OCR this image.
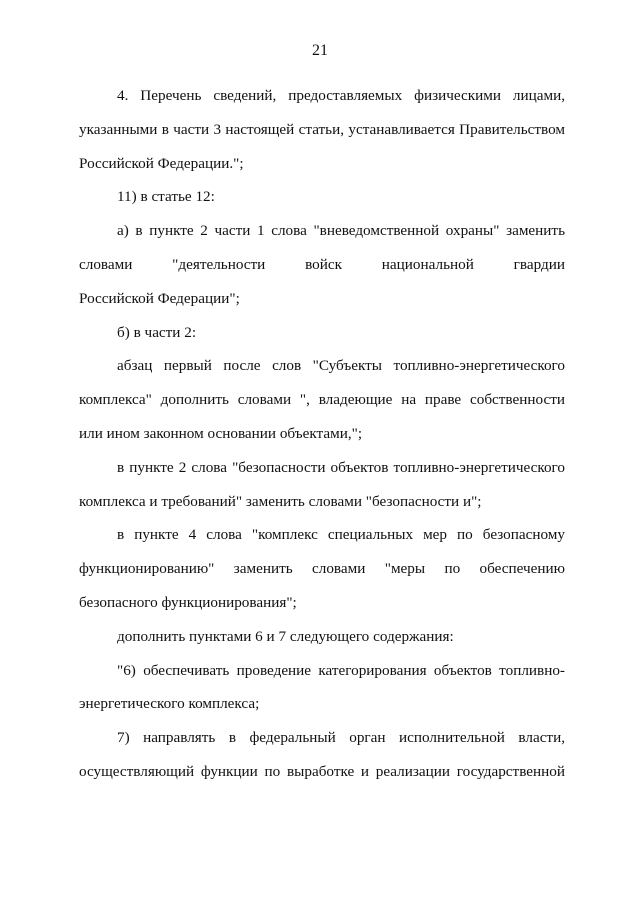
21

4. Перечень сведений, предоставляемых физическими лицами,

указанными в части 3 настоящей статьи, устанавливается Правительством

Российской Федерации.";

11) в статье 12:

а) в пункте 2 части 1 слова "вневедомственной охраны" заменить

словами "деятельности войск национальной гвардии

Российской Федерации";

б) в части 2:

абзац первый после слов "Субъекты топливно-энергетического

комплекса" дополнить словами ", владеющие на праве собственности

или ином законном основании объектами,";

в пункте 2 слова "безопасности объектов топливно-энергетического

комплекса и требований" заменить словами "безопасности и";

в пункте 4 слова "комплекс специальных мер по безопасному

функционированию" заменить словами "меры по обеспечению

безопасного функционирования";

дополнить пунктами 6 и 7 следующего содержания:

"6) обеспечивать проведение категорирования объектов топливно-

энергетического комплекса;

7) направлять в федеральный орган исполнительной власти,

осуществляющий функции по выработке и реализации государственной
